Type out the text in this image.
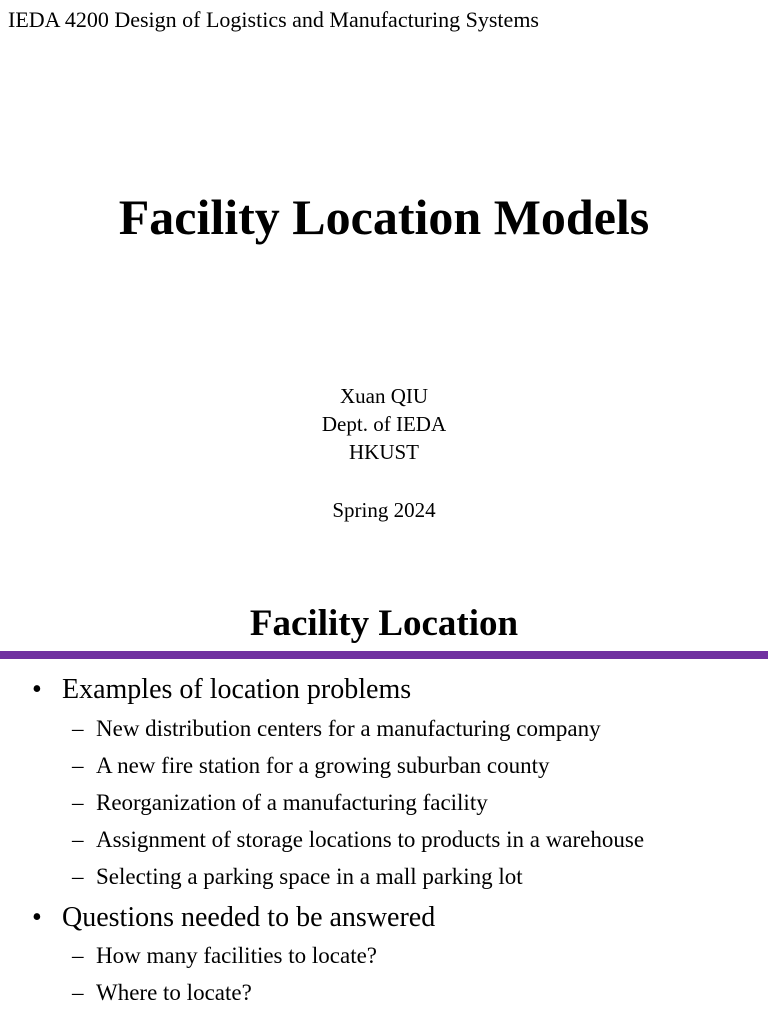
IEDA 4200 Design of Logistics and Manufacturing Systems
Facility Location Models
Xuan QIU
Dept. of IEDA
HKUST
Spring 2024
Facility Location
• Examples of location problems
– New distribution centers for a manufacturing company
– A new fire station for a growing suburban county
– Reorganization of a manufacturing facility
– Assignment of storage locations to products in a warehouse
– Selecting a parking space in a mall parking lot
• Questions needed to be answered
– How many facilities to locate?
– Where to locate?
